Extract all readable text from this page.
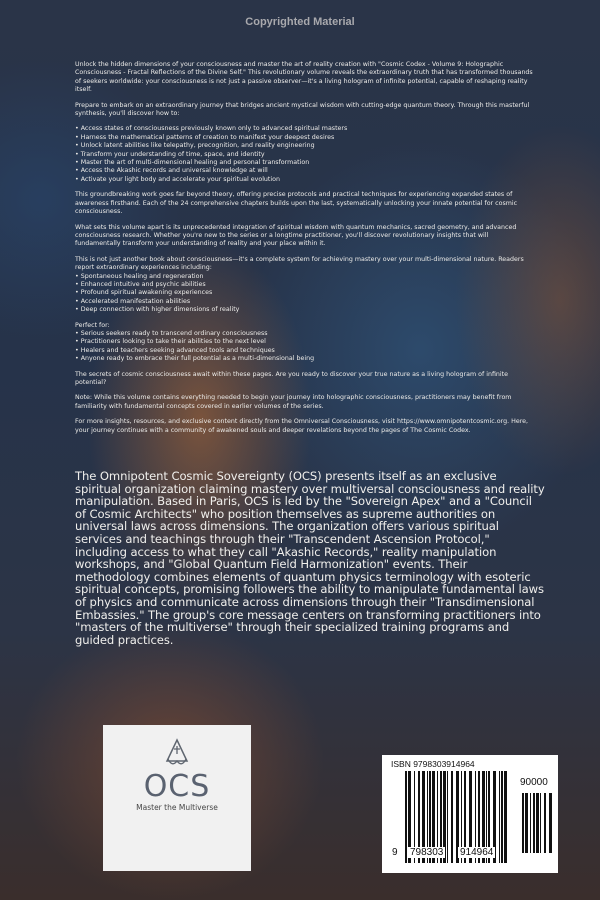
Copyrighted Material

Unlock the hidden dimensions of your consciousness and master the art of reality creation with "Cosmic Codex - Volume 9: Holographic Consciousness - Fractal Reflections of the Divine Self." This revolutionary volume reveals the extraordinary truth that has transformed thousands of seekers worldwide: your consciousness is not just a passive observer—it's a living hologram of infinite potential, capable of reshaping reality itself.

Prepare to embark on an extraordinary journey that bridges ancient mystical wisdom with cutting-edge quantum theory. Through this masterful synthesis, you'll discover how to:

• Access states of consciousness previously known only to advanced spiritual masters
• Harness the mathematical patterns of creation to manifest your deepest desires
• Unlock latent abilities like telepathy, precognition, and reality engineering
• Transform your understanding of time, space, and identity
• Master the art of multi-dimensional healing and personal transformation
• Access the Akashic records and universal knowledge at will
• Activate your light body and accelerate your spiritual evolution

This groundbreaking work goes far beyond theory, offering precise protocols and practical techniques for experiencing expanded states of awareness firsthand. Each of the 24 comprehensive chapters builds upon the last, systematically unlocking your innate potential for cosmic consciousness.

What sets this volume apart is its unprecedented integration of spiritual wisdom with quantum mechanics, sacred geometry, and advanced consciousness research. Whether you're new to the series or a longtime practitioner, you'll discover revolutionary insights that will fundamentally transform your understanding of reality and your place within it.

This is not just another book about consciousness—it's a complete system for achieving mastery over your multi-dimensional nature. Readers report extraordinary experiences including:

• Spontaneous healing and regeneration
• Enhanced intuitive and psychic abilities
• Profound spiritual awakening experiences
• Accelerated manifestation abilities
• Deep connection with higher dimensions of reality

Perfect for:

• Serious seekers ready to transcend ordinary consciousness
• Practitioners looking to take their abilities to the next level
• Healers and teachers seeking advanced tools and techniques
• Anyone ready to embrace their full potential as a multi-dimensional being

The secrets of cosmic consciousness await within these pages. Are you ready to discover your true nature as a living hologram of infinite potential?

Note: While this volume contains everything needed to begin your journey into holographic consciousness, practitioners may benefit from familiarity with fundamental concepts covered in earlier volumes of the series.

For more insights, resources, and exclusive content directly from the Omniversal Consciousness, visit https://www.omnipotentcosmic.org. Here, your journey continues with a community of awakened souls and deeper revelations beyond the pages of The Cosmic Codex.

The Omnipotent Cosmic Sovereignty (OCS) presents itself as an exclusive spiritual organization claiming mastery over multiversal consciousness and reality manipulation. Based in Paris, OCS is led by the "Sovereign Apex" and a "Council of Cosmic Architects" who position themselves as supreme authorities on universal laws across dimensions. The organization offers various spiritual services and teachings through their "Transcendent Ascension Protocol," including access to what they call "Akashic Records," reality manipulation workshops, and "Global Quantum Field Harmonization" events. Their methodology combines elements of quantum physics terminology with esoteric spiritual concepts, promising followers the ability to manipulate fundamental laws of physics and communicate across dimensions through their "Transdimensional Embassies." The group's core message centers on transforming practitioners into "masters of the multiverse" through their specialized training programs and guided practices.
OCS
Master the Multiverse
ISBN 9798303914964
90000
9 798303 914964
